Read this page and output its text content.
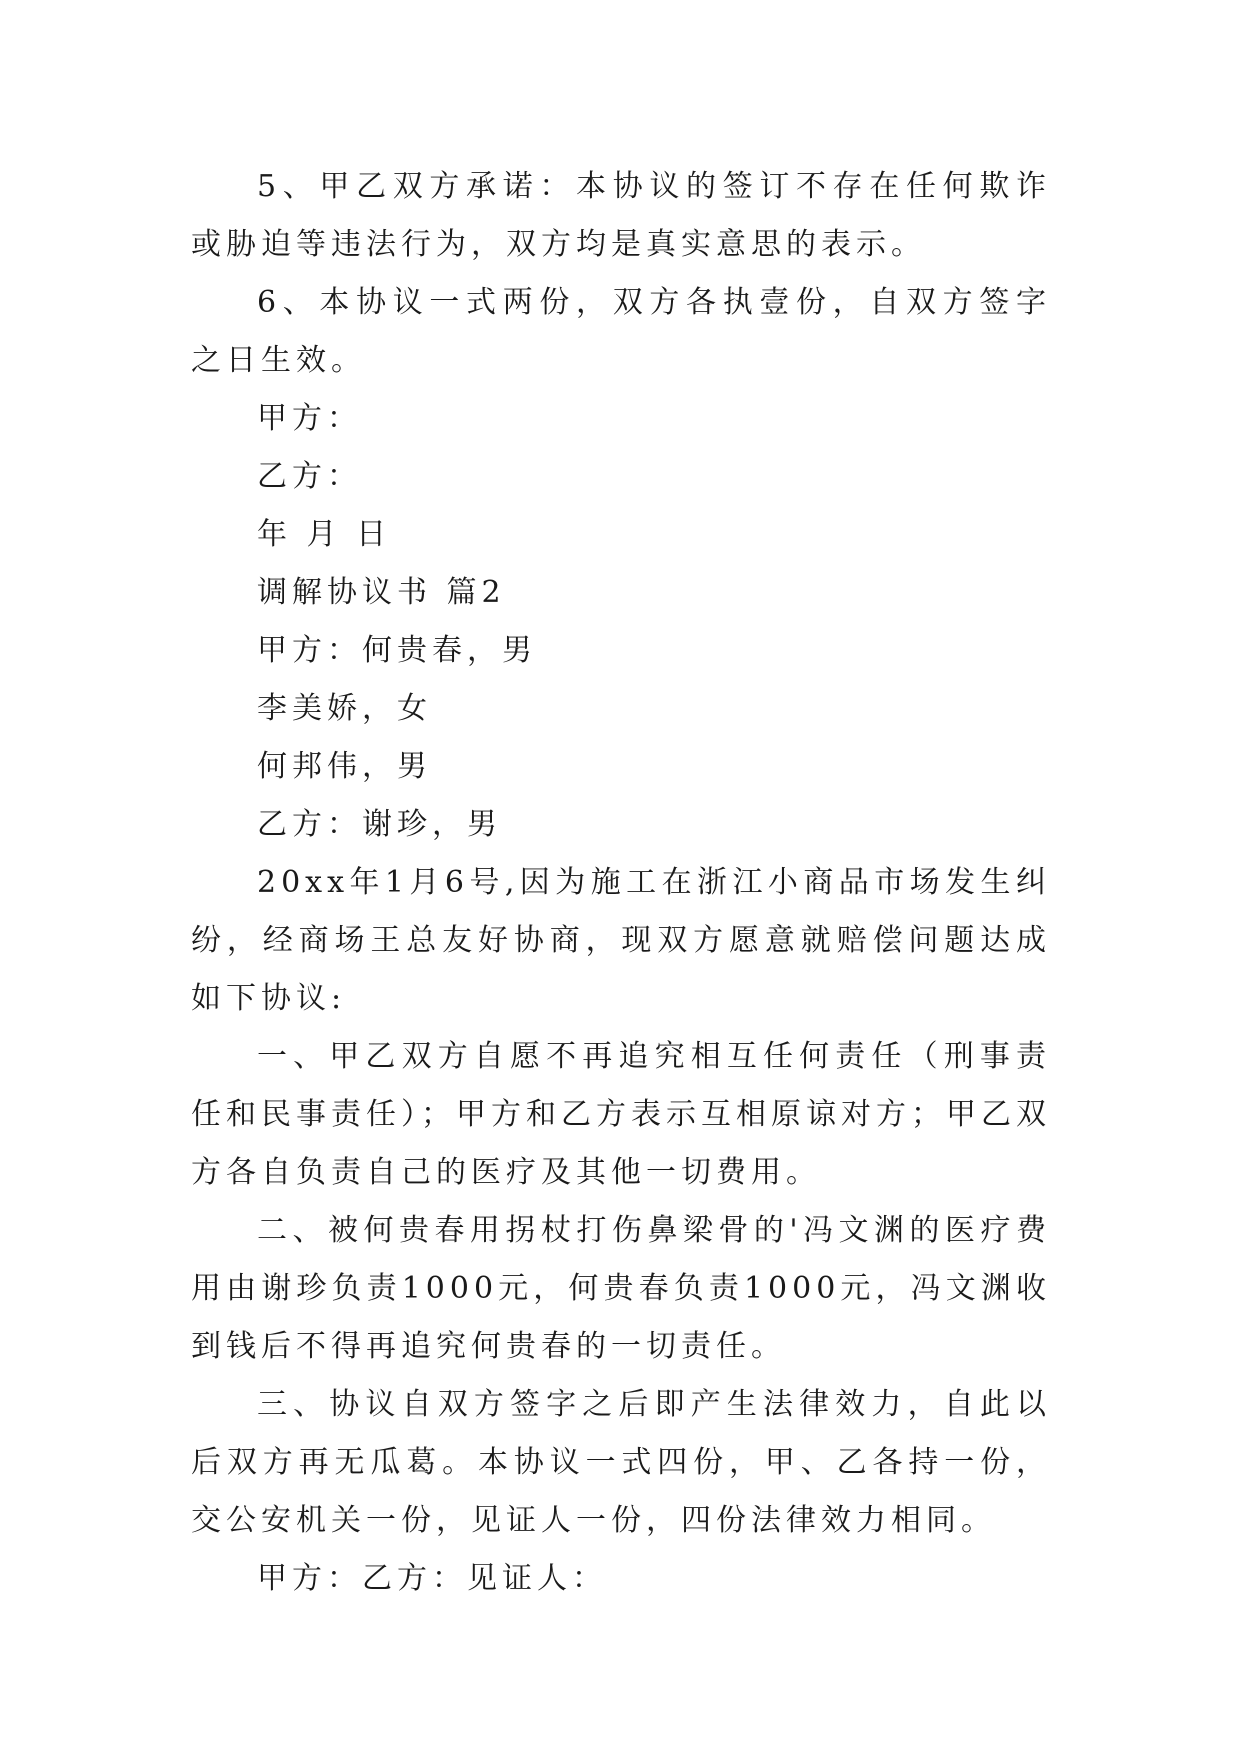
5、甲乙双方承诺：本协议的签订不存在任何欺诈或胁迫等违法行为，双方均是真实意思的表示。

6、本协议一式两份，双方各执壹份，自双方签字之日生效。

甲方：

乙方：

年 月 日

调解协议书 篇2

甲方：何贵春，男

李美娇，女

何邦伟，男

乙方：谢珍，男

20xx年1月6号,因为施工在浙江小商品市场发生纠纷，经商场王总友好协商，现双方愿意就赔偿问题达成如下协议:

一、甲乙双方自愿不再追究相互任何责任（刑事责任和民事责任）；甲方和乙方表示互相原谅对方；甲乙双方各自负责自己的医疗及其他一切费用。

二、被何贵春用拐杖打伤鼻梁骨的'冯文渊的医疗费用由谢珍负责1000元，何贵春负责1000元，冯文渊收到钱后不得再追究何贵春的一切责任。

三、协议自双方签字之后即产生法律效力，自此以后双方再无瓜葛。本协议一式四份，甲、乙各持一份，交公安机关一份，见证人一份，四份法律效力相同。

甲方：乙方：见证人：
